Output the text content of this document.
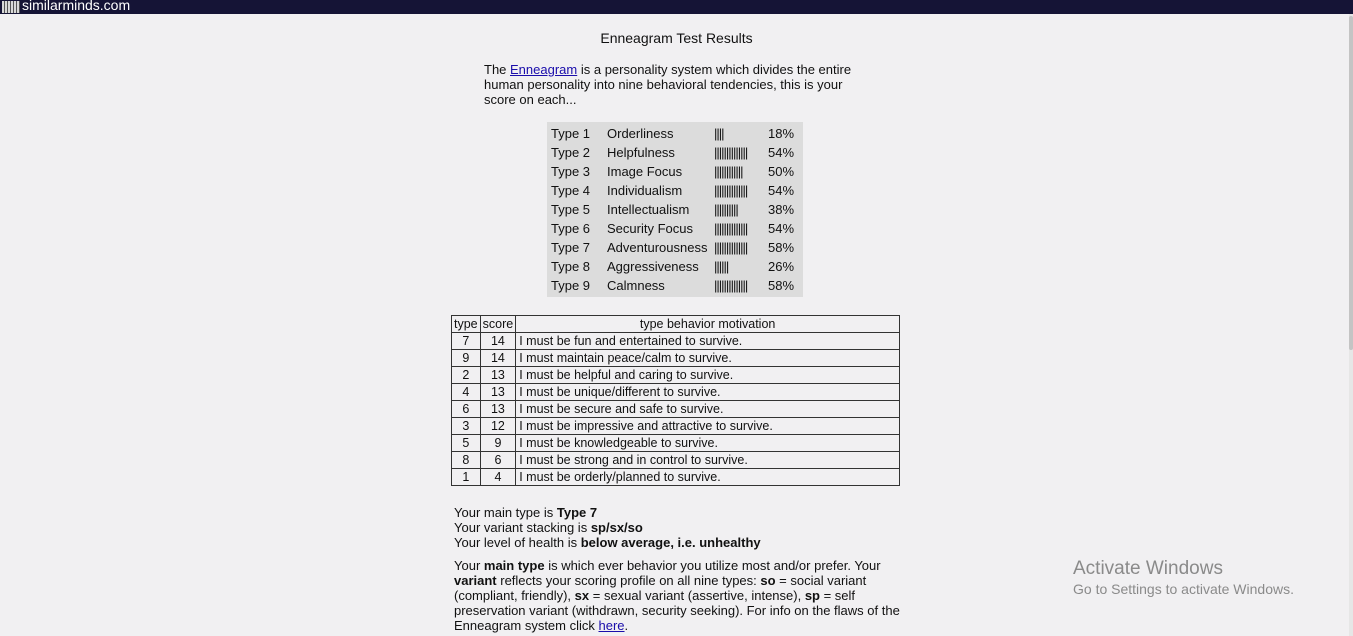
similarminds.com
Enneagram Test Results
The Enneagram is a personality system which divides the entire human personality into nine behavioral tendencies, this is your score on each...
Type 1 Orderliness	||||	18%
Type 2 Helpfulness	|||||||||||||| 54%
Type 3 Image Focus |||||||||||| 50%
Type 4 Individualism |||||||||||||| 54%
Type 5 Intellectualism |||||||||| 38%
Type 6 Security Focus |||||||||||||| 54%
Type 7 Adventurousness |||||||||||||| 58%
Type 8 Aggressiveness ||||||	26%
Type 9 Calmness	|||||||||||||| 58%
type	score	type behavior motivation
7	14	I must be fun and entertained to survive.
9	14	I must maintain peace/calm to survive.
2	13	I must be helpful and caring to survive.
4	13	I must be unique/different to survive.
6	13	I must be secure and safe to survive.
3	12	I must be impressive and attractive to survive.
5	9	I must be knowledgeable to survive.
8	6	I must be strong and in control to survive.
1	4	I must be orderly/planned to survive.
Your main type is Type 7
Your variant stacking is sp/sx/so
Your level of health is below average, i.e. unhealthy
Your main type is which ever behavior you utilize most and/or prefer. Your variant reflects your scoring profile on all nine types: so = social variant (compliant, friendly), sx = sexual variant (assertive, intense), sp = self preservation variant (withdrawn, security seeking). For info on the flaws of the Enneagram system click here.
Activate Windows
Go to Settings to activate Windows.
